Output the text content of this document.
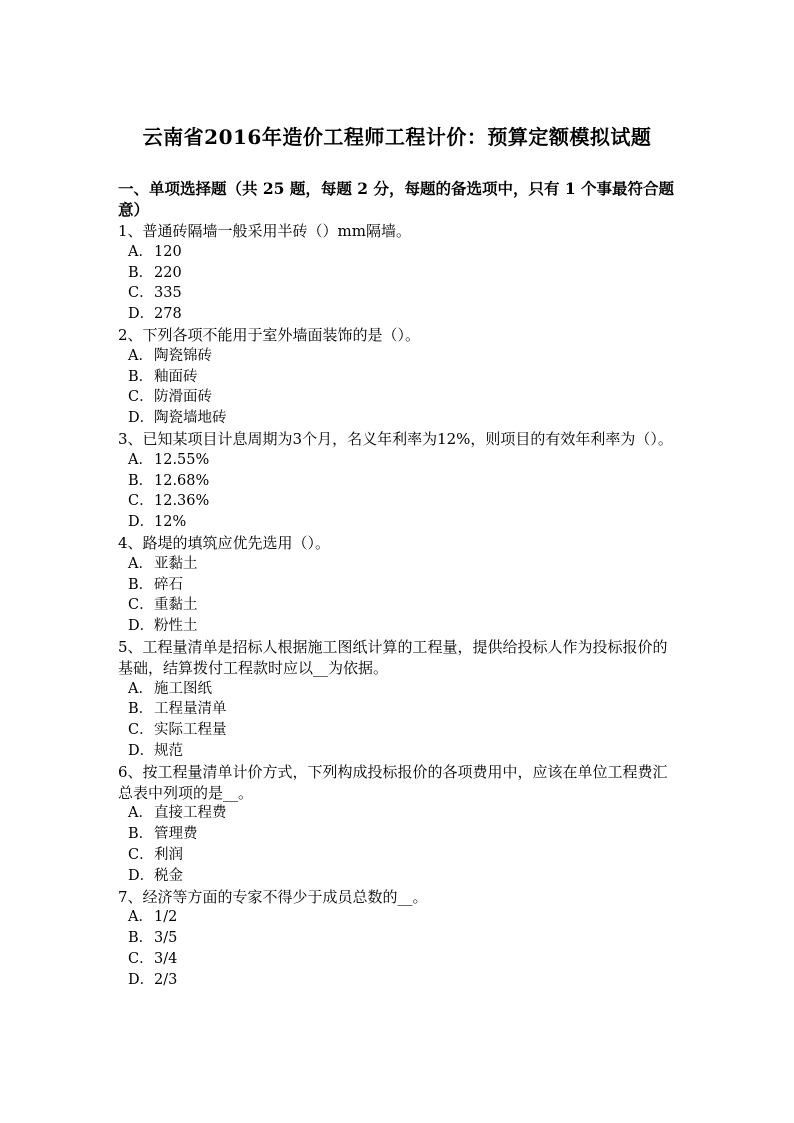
云南省2016年造价工程师工程计价：预算定额模拟试题
一、单项选择题（共 25 题，每题 2 分，每题的备选项中，只有 1 个事最符合题意）
1、普通砖隔墙一般采用半砖（）mm隔墙。
A．120
B．220
C．335
D．278
2、下列各项不能用于室外墙面装饰的是（）。
A．陶瓷锦砖
B．釉面砖
C．防滑面砖
D．陶瓷墙地砖
3、已知某项目计息周期为3个月，名义年利率为12%，则项目的有效年利率为（）。
A．12.55%
B．12.68%
C．12.36%
D．12%
4、路堤的填筑应优先选用（）。
A．亚黏土
B．碎石
C．重黏土
D．粉性土
5、工程量清单是招标人根据施工图纸计算的工程量，提供给投标人作为投标报价的基础，结算拨付工程款时应以__为依据。
A．施工图纸
B．工程量清单
C．实际工程量
D．规范
6、按工程量清单计价方式，下列构成投标报价的各项费用中，应该在单位工程费汇总表中列项的是__。
A．直接工程费
B．管理费
C．利润
D．税金
7、经济等方面的专家不得少于成员总数的__。
A．1/2
B．3/5
C．3/4
D．2/3
